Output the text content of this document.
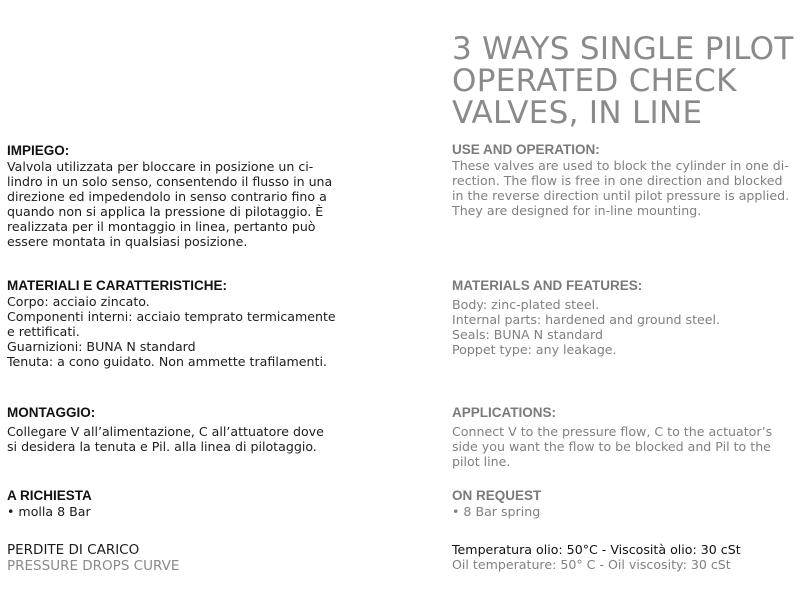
3 WAYS SINGLE PILOT
OPERATED CHECK
VALVES, IN LINE
IMPIEGO:
Valvola utilizzata per bloccare in posizione un ci-
lindro in un solo senso, consentendo il flusso in una
direzione ed impedendolo in senso contrario fino a
quando non si applica la pressione di pilotaggio. È
realizzata per il montaggio in linea, pertanto può
essere montata in qualsiasi posizione.
MATERIALI E CARATTERISTICHE:
Corpo: acciaio zincato.
Componenti interni: acciaio temprato termicamente
e rettificati.
Guarnizioni: BUNA N standard
Tenuta: a cono guidato. Non ammette trafilamenti.
MONTAGGIO:
Collegare V all’alimentazione, C all’attuatore dove
si desidera la tenuta e Pil. alla linea di pilotaggio.
A RICHIESTA
• molla 8 Bar
PERDITE DI CARICO
USE AND OPERATION:
These valves are used to block the cylinder in one di-
rection. The flow is free in one direction and blocked
in the reverse direction until pilot pressure is applied.
They are designed for in-line mounting.
MATERIALS AND FEATURES:
Body: zinc-plated steel.
Internal parts: hardened and ground steel.
Seals: BUNA N standard
Poppet type: any leakage.
APPLICATIONS:
Connect V to the pressure flow, C to the actuator’s
side you want the flow to be blocked and Pil to the
pilot line.
ON REQUEST
• 8 Bar spring
Temperatura olio: 50°C - Viscosità olio: 30 cSt
Oil temperature: 50° C - Oil viscosity: 30 cSt
PRESSURE DROPS CURVE
